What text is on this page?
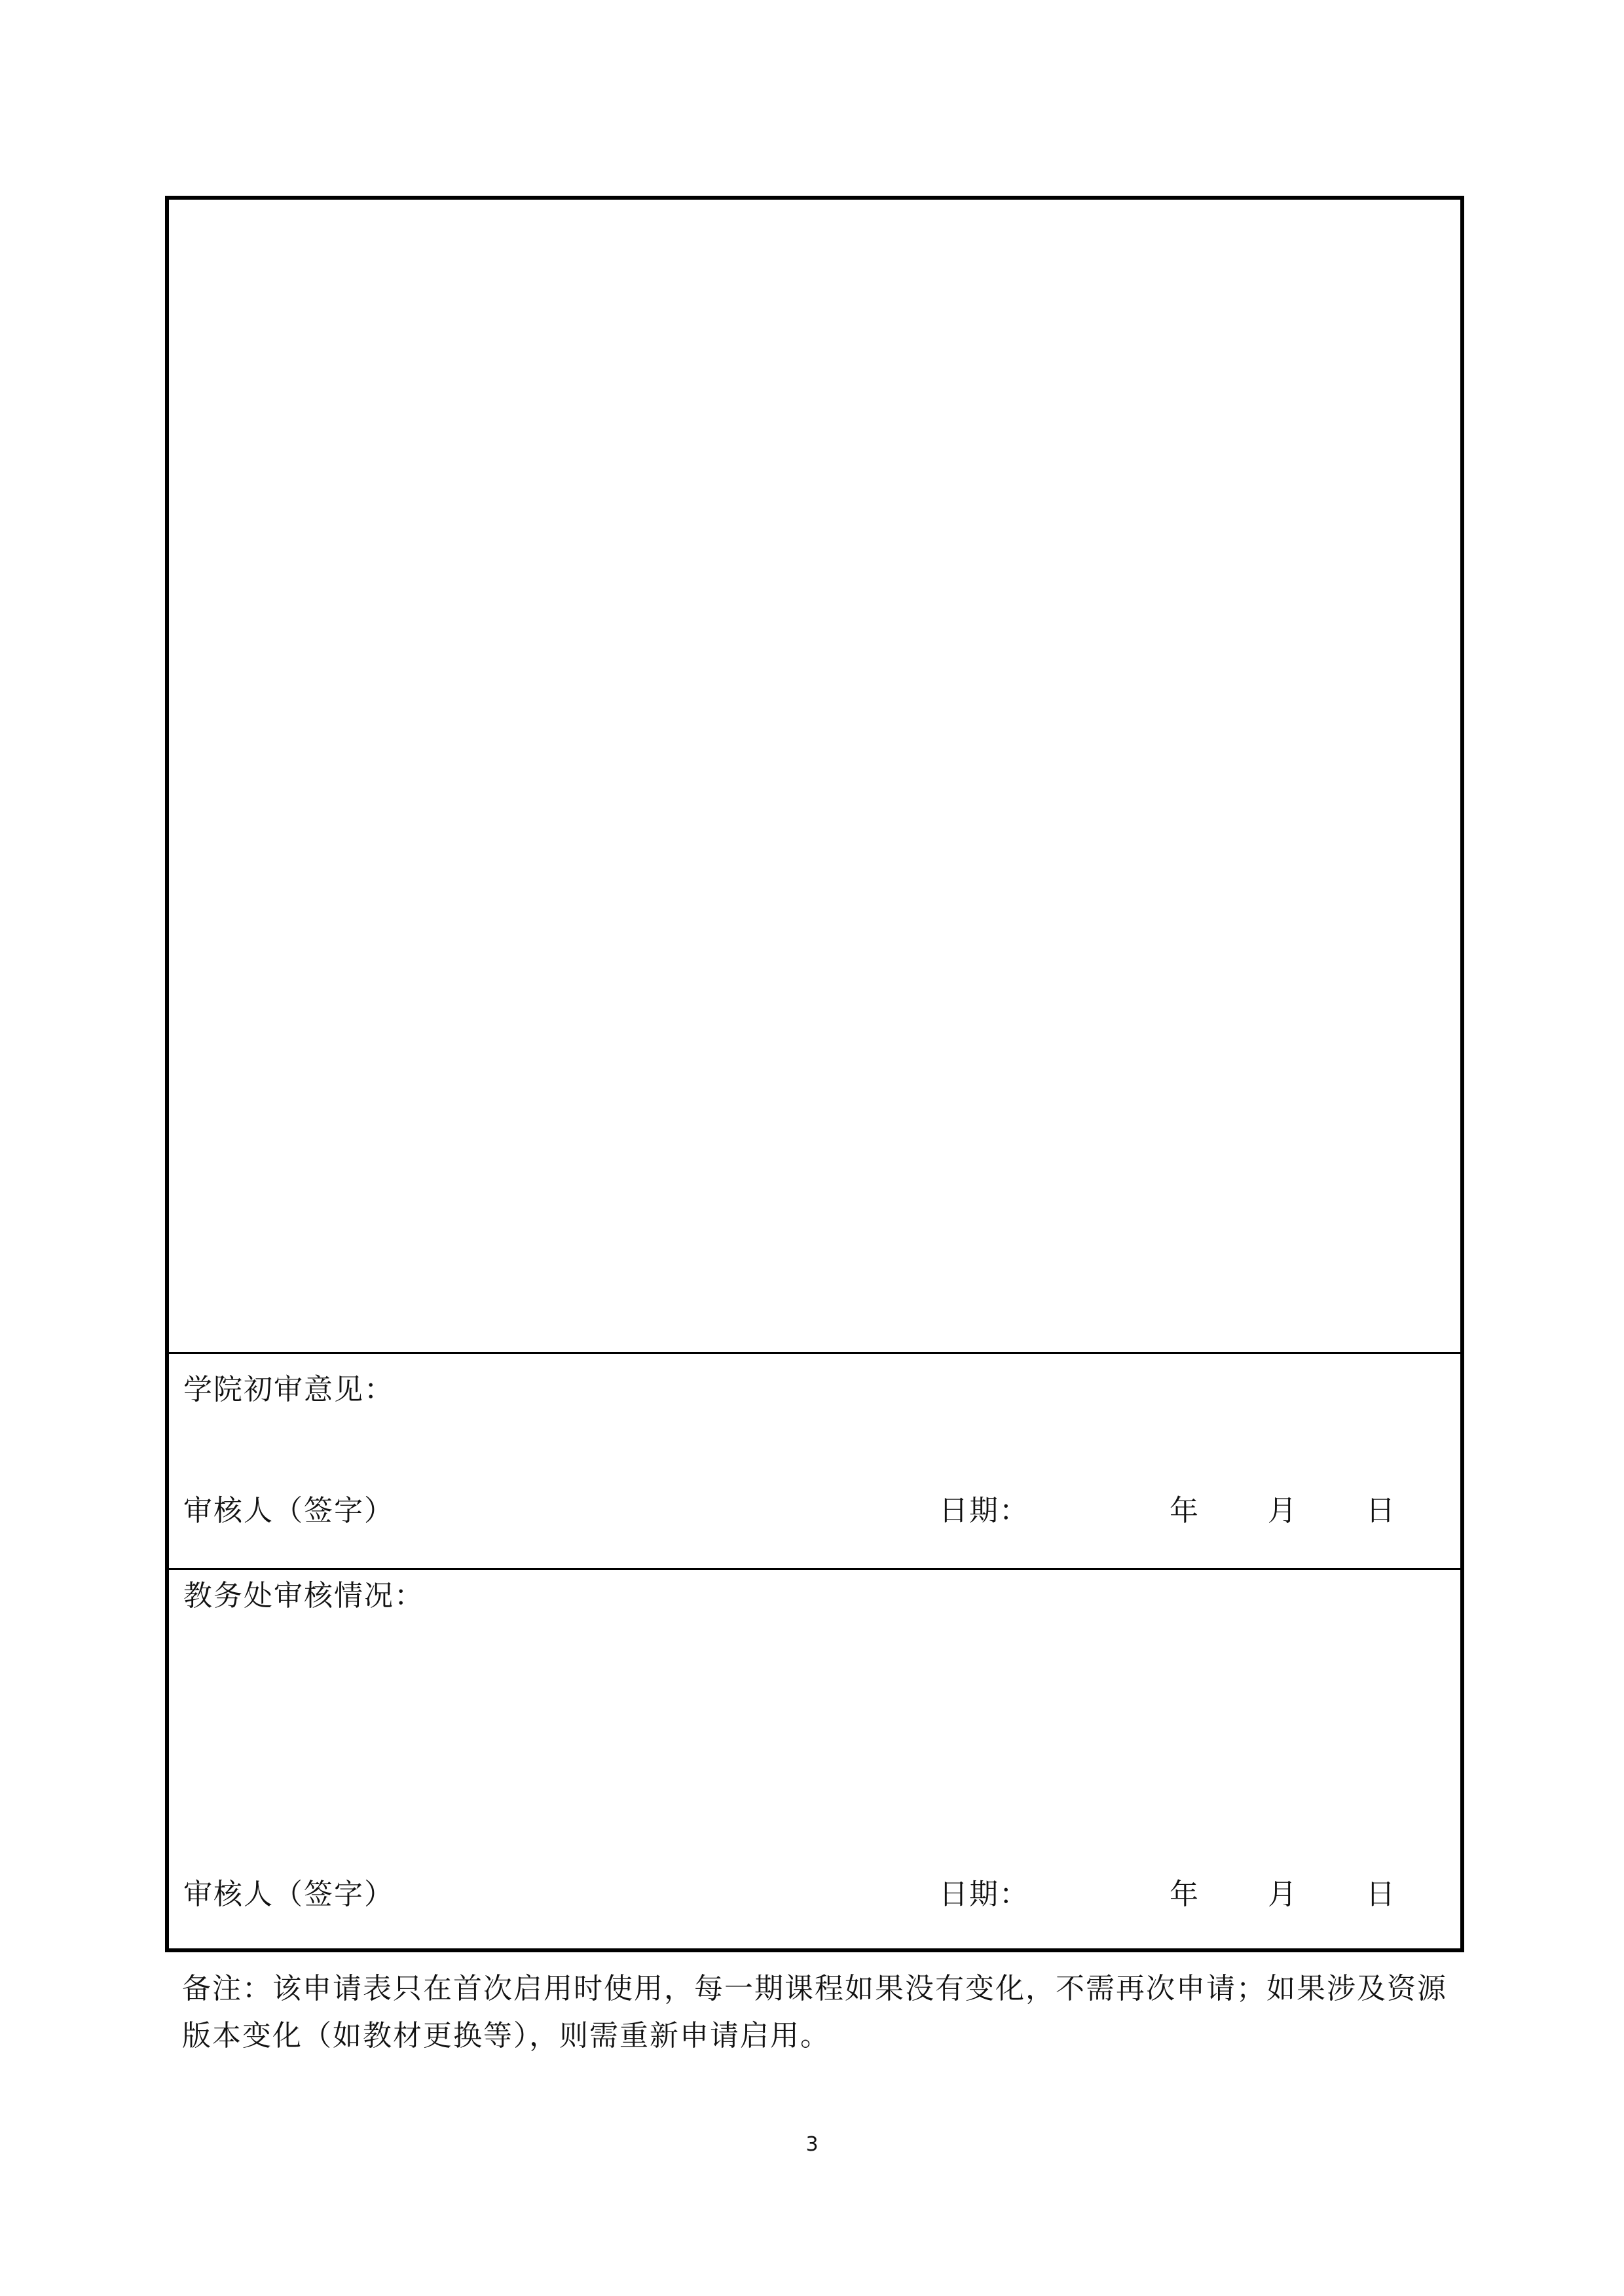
学院初审意见：
审核人（签字）	日期：	年 月 日
教务处审核情况：
审核人（签字）	日期：	年 月 日
备注：该申请表只在首次启用时使用，每一期课程如果没有变化，不需再次申请；如果涉及资源版本变化（如教材更换等），则需重新申请启用。
3
